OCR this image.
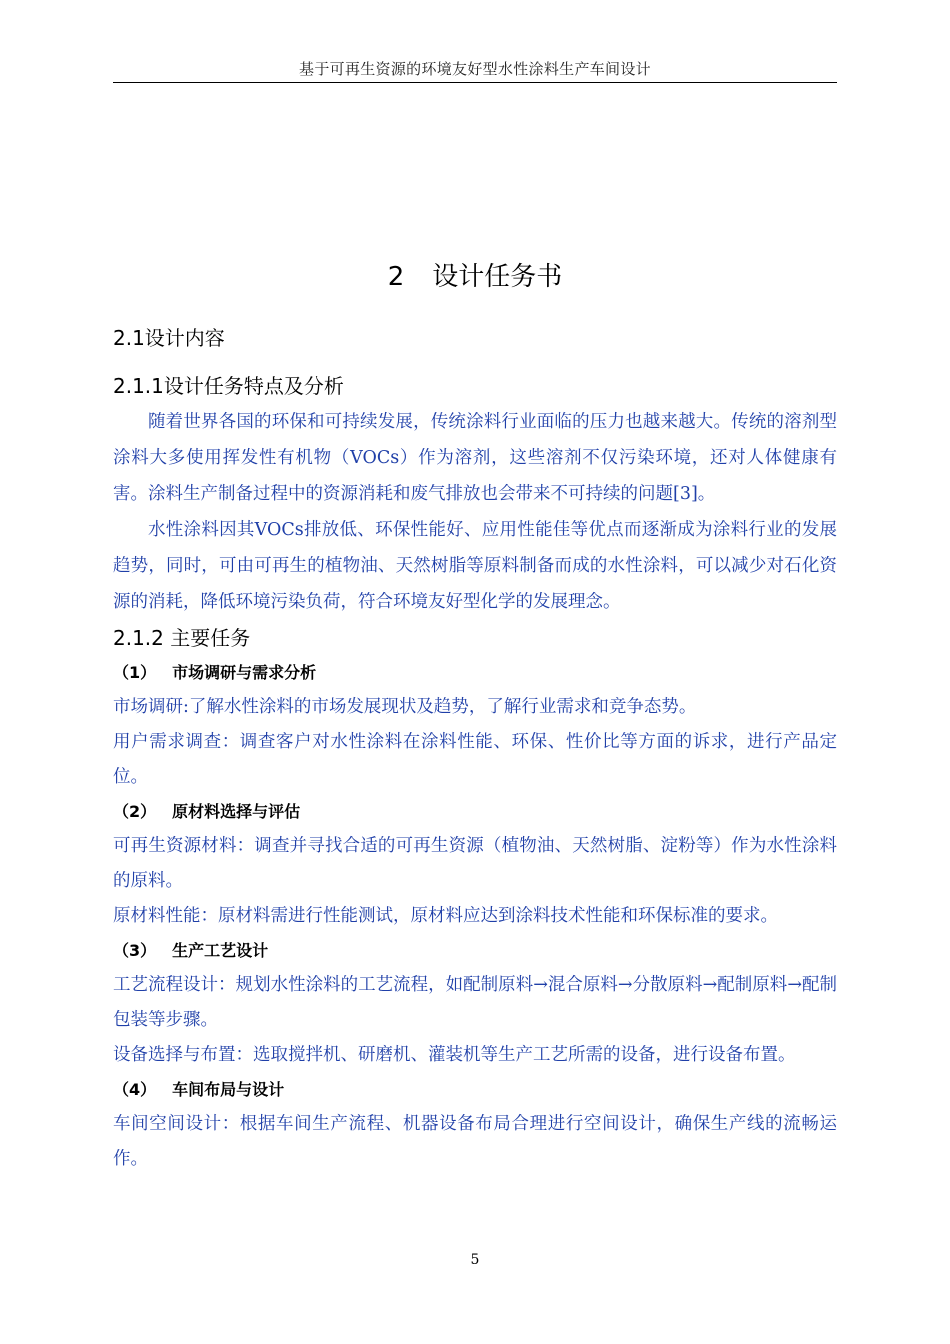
基于可再生资源的环境友好型水性涂料生产车间设计
2 设计任务书
2.1设计内容
2.1.1设计任务特点及分析

随着世界各国的环保和可持续发展，传统涂料行业面临的压力也越来越大。传统的溶剂型涂料大多使用挥发性有机物（VOCs）作为溶剂，这些溶剂不仅污染环境，还对人体健康有害。涂料生产制备过程中的资源消耗和废气排放也会带来不可持续的问题[3]。

水性涂料因其VOCs排放低、环保性能好、应用性能佳等优点而逐渐成为涂料行业的发展趋势，同时，可由可再生的植物油、天然树脂等原料制备而成的水性涂料，可以减少对石化资源的消耗，降低环境污染负荷，符合环境友好型化学的发展理念。

2.1.2 主要任务
（1） 市场调研与需求分析

市场调研:了解水性涂料的市场发展现状及趋势，了解行业需求和竞争态势。

用户需求调查：调查客户对水性涂料在涂料性能、环保、性价比等方面的诉求，进行产品定位。

（2） 原材料选择与评估

可再生资源材料：调查并寻找合适的可再生资源（植物油、天然树脂、淀粉等）作为水性涂料的原料。

原材料性能：原材料需进行性能测试，原材料应达到涂料技术性能和环保标准的要求。

（3） 生产工艺设计

工艺流程设计：规划水性涂料的工艺流程，如配制原料→混合原料→分散原料→配制原料→配制包装等步骤。

设备选择与布置：选取搅拌机、研磨机、灌装机等生产工艺所需的设备，进行设备布置。

（4） 车间布局与设计

车间空间设计：根据车间生产流程、机器设备布局合理进行空间设计，确保生产线的流畅运作。

5
